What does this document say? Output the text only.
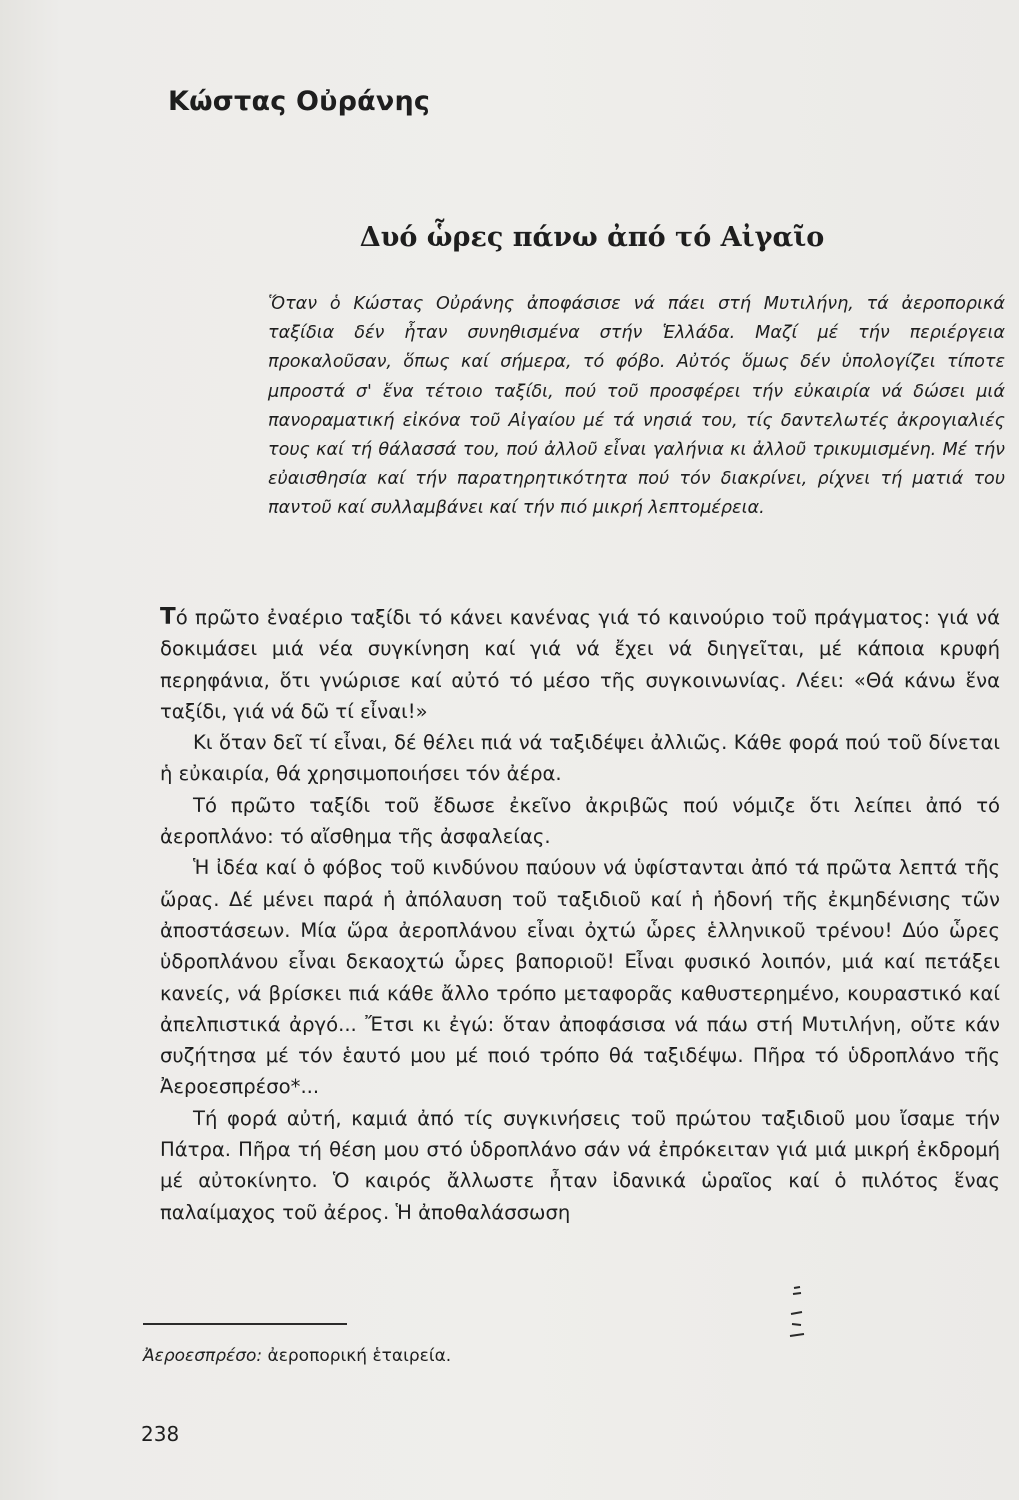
Κώστας Οὐράνης
Δυό ὧρες πάνω ἀπό τό Αἰγαῖο
Ὅταν ὁ Κώστας Οὐράνης ἀποφάσισε νά πάει στή Μυτιλήνη, τά ἀεροπορικά ταξίδια δέν ἦταν συνηθισμένα στήν Ἑλλάδα. Μαζί μέ τήν περιέργεια προκαλοῦσαν, ὅπως καί σήμερα, τό φόβο. Αὐτός ὅμως δέν ὑπολογίζει τίποτε μπροστά σ' ἕνα τέτοιο ταξίδι, πού τοῦ προσφέρει τήν εὐκαιρία νά δώσει μιά πανοραματική εἰκόνα τοῦ Αἰγαίου μέ τά νησιά του, τίς δαντελωτές ἀκρογιαλιές τους καί τή θάλασσά του, πού ἀλλοῦ εἶναι γαλήνια κι ἀλλοῦ τρικυμισμένη. Μέ τήν εὐαισθησία καί τήν παρατηρητικότητα πού τόν διακρίνει, ρίχνει τή ματιά του παντοῦ καί συλλαμβάνει καί τήν πιό μικρή λεπτομέρεια.

Τό πρῶτο ἐναέριο ταξίδι τό κάνει κανένας γιά τό καινούριο τοῦ πράγματος: γιά νά δοκιμάσει μιά νέα συγκίνηση καί γιά νά ἔχει νά διηγεῖται, μέ κάποια κρυφή περηφάνια, ὅτι γνώρισε καί αὐτό τό μέσο τῆς συγκοινωνίας. Λέει: «Θά κάνω ἕνα ταξίδι, γιά νά δῶ τί εἶναι!»

Κι ὅταν δεῖ τί εἶναι, δέ θέλει πιά νά ταξιδέψει ἀλλιῶς. Κάθε φορά πού τοῦ δίνεται ἡ εὐκαιρία, θά χρησιμοποιήσει τόν ἀέρα.

Τό πρῶτο ταξίδι τοῦ ἔδωσε ἐκεῖνο ἀκριβῶς πού νόμιζε ὅτι λείπει ἀπό τό ἀεροπλάνο: τό αἴσθημα τῆς ἀσφαλείας.

Ἡ ἰδέα καί ὁ φόβος τοῦ κινδύνου παύουν νά ὑφίστανται ἀπό τά πρῶτα λεπτά τῆς ὥρας. Δέ μένει παρά ἡ ἀπόλαυση τοῦ ταξιδιοῦ καί ἡ ἡδονή τῆς ἐκμηδένισης τῶν ἀποστάσεων. Μία ὥρα ἀεροπλάνου εἶναι ὀχτώ ὧρες ἑλληνικοῦ τρένου! Δύο ὧρες ὑδροπλάνου εἶναι δεκαοχτώ ὧρες βαποριοῦ! Εἶναι φυσικό λοιπόν, μιά καί πετάξει κανείς, νά βρίσκει πιά κάθε ἄλλο τρόπο μεταφορᾶς καθυστερημένο, κουραστικό καί ἀπελπιστικά ἀργό... Ἔτσι κι ἐγώ: ὅταν ἀποφάσισα νά πάω στή Μυτιλήνη, οὔτε κάν συζήτησα μέ τόν ἑαυτό μου μέ ποιό τρόπο θά ταξιδέψω. Πῆρα τό ὑδροπλάνο τῆς Ἀεροεσπρέσο*...

Τή φορά αὐτή, καμιά ἀπό τίς συγκινήσεις τοῦ πρώτου ταξιδιοῦ μου ἴσαμε τήν Πάτρα. Πῆρα τή θέση μου στό ὑδροπλάνο σάν νά ἐπρόκειταν γιά μιά μικρή ἐκδρομή μέ αὐτοκίνητο. Ὁ καιρός ἄλλωστε ἦταν ἰδανικά ὡραῖος καί ὁ πιλότος ἕνας παλαίμαχος τοῦ ἀέρος. Ἡ ἀποθαλάσσωση

Ἀεροεσπρέσο: ἀεροπορική ἑταιρεία.
238
